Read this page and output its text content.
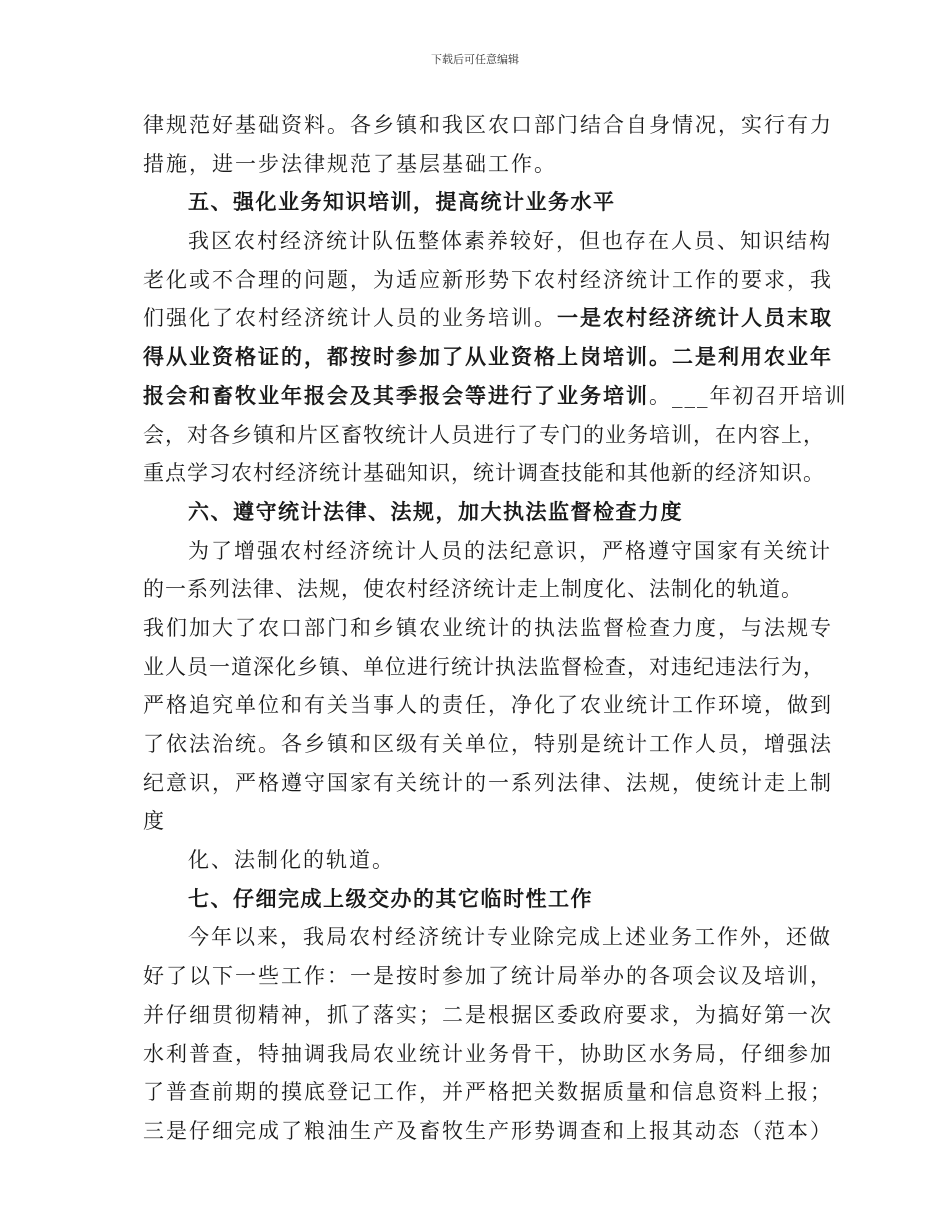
下载后可任意编辑
律规范好基础资料。各乡镇和我区农口部门结合自身情况，实行有力
措施，进一步法律规范了基层基础工作。
五、强化业务知识培训，提高统计业务水平
我区农村经济统计队伍整体素养较好，但也存在人员、知识结构
老化或不合理的问题，为适应新形势下农村经济统计工作的要求，我
们强化了农村经济统计人员的业务培训。一是农村经济统计人员末取
得从业资格证的，都按时参加了从业资格上岗培训。二是利用农业年
报会和畜牧业年报会及其季报会等进行了业务培训。___年初召开培训
会，对各乡镇和片区畜牧统计人员进行了专门的业务培训，在内容上，
重点学习农村经济统计基础知识，统计调查技能和其他新的经济知识。
六、遵守统计法律、法规，加大执法监督检查力度
为了增强农村经济统计人员的法纪意识，严格遵守国家有关统计
的一系列法律、法规，使农村经济统计走上制度化、法制化的轨道。
我们加大了农口部门和乡镇农业统计的执法监督检查力度，与法规专
业人员一道深化乡镇、单位进行统计执法监督检查，对违纪违法行为，
严格追究单位和有关当事人的责任，净化了农业统计工作环境，做到
了依法治统。各乡镇和区级有关单位，特别是统计工作人员，增强法
纪意识，严格遵守国家有关统计的一系列法律、法规，使统计走上制
度
化、法制化的轨道。
七、仔细完成上级交办的其它临时性工作
今年以来，我局农村经济统计专业除完成上述业务工作外，还做
好了以下一些工作：一是按时参加了统计局举办的各项会议及培训，
并仔细贯彻精神，抓了落实；二是根据区委政府要求，为搞好第一次
水利普查，特抽调我局农业统计业务骨干，协助区水务局，仔细参加
了普查前期的摸底登记工作，并严格把关数据质量和信息资料上报；
三是仔细完成了粮油生产及畜牧生产形势调查和上报其动态（范本）
